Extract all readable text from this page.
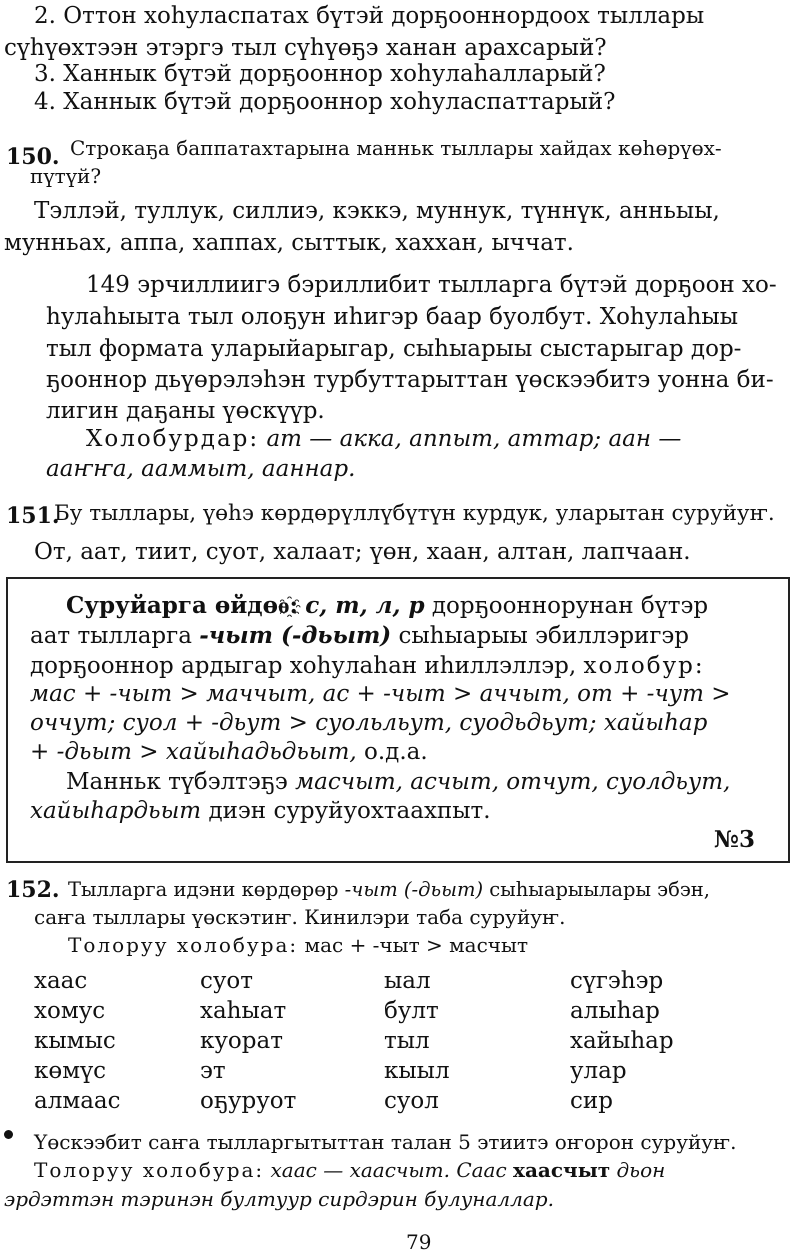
2. Оттон хоһуласпатах бүтэй дорҕооннордоох тыллары
сүһүөхтээн этэргэ тыл сүһүөҕэ ханан арахсарый?
3. Ханнык бүтэй дорҕооннор хоһулаһалларый?
4. Ханнык бүтэй дорҕооннор хоһуласпаттарый?
150. Строкаҕа баппатахтарына манньк тыллары хайдах көһөрүөх-
пүтүй?
Тэллэй, туллук, силлиэ, кэккэ, муннук, түннүк, анньыы,
мунньах, аппа, хаппах, сыттык, хаххан, ыччат.
149 эрчиллиигэ бэриллибит тылларга бүтэй дорҕоон хо-
һулаһыыта тыл олоҕун иһигэр баар буолбут. Хоһулаһыы
тыл формата уларыйарыгар, сыһыарыы сыстарыгар дор-
ҕооннор дьүөрэлэһэн турбуттарыттан үөскээбитэ уонна би-
лигин даҕаны үөскүүр.
Холобурдар: ат — акка, аппыт, аттар; аан —
ааҥҥа, ааммыт, ааннар.
151.
Бу тыллары, үөһэ көрдөрүллүбүтүн курдук, уларытан суруйуҥ.
От, аат, тиит, суот, халаат; үөн, хаан, алтан, лапчаан.
Суруйарга өйдөө҈: с, т, л, р дорҕооннорунан бүтэр
аат тылларга -чыт (-дьыт) сыһыарыы эбиллэригэр
дорҕооннор ардыгар хоһулаһан иһиллэллэр, холобур:
мас + -чыт > маччыт, ас + -чыт > аччыт, от + -чут >
оччут; суол + -дьут > суольльут, суодьдьут; хайыһар
+ -дьыт > хайыһадьдьыт, о.д.а.
Манньк түбэлтэҕэ масчыт, асчыт, отчут, суолдьут,
хайыһардьыт диэн суруйуохтаахпыт.
№3
152. Тылларга идэни көрдөрөр -чыт (-дьыт) сыһыарыылары эбэн,
саҥа тыллары үөскэтиҥ. Кинилэри таба суруйуҥ.
Толоруу холобура: мас + -чыт > масчыт
хаас
хомус
кымыс
көмүс
алмаас
суот
хаһыат
куорат
эт
оҕуруот
ыал
булт
тыл
кыыл
суол
сүгэһэр
алыһар
хайыһар
улар
сир
Үөскээбит саҥа тылларгытыттан талан 5 этиитэ оҥорон суруйуҥ.
Толоруу холобура: хаас — хаасчыт. Саас хаасчыт дьон
эрдэттэн тэринэн бултуур сирдэрин булуналлар.
79
